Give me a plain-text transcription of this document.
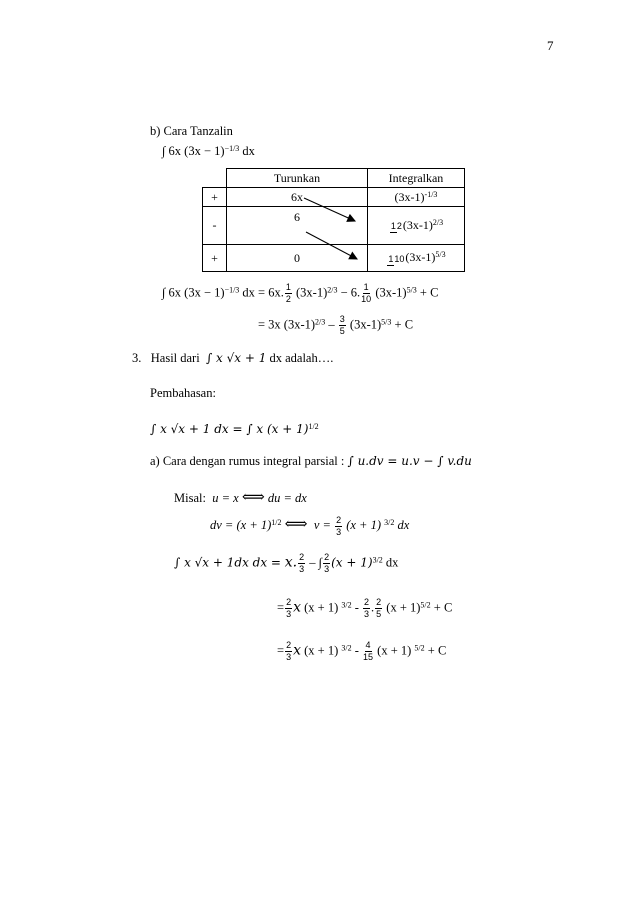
7
b) Cara Tanzalin
∫ 6x $(3x - 1)^{-1/3}$ dx
	Turunkan	Integralkan
+	6x	$(3x-1)^{-1/3}$
-	6	$12(3x-1)^{2/3}$
+	0	$110(3x-1)^{5/3}$
∫ 6x $(3x - 1)^{-1/3}$ dx = 6x. $\frac{1}{2} (3x-1)^{2/3} - 6$. $\frac{1}{10} (3x-1)^{5/3} + C$
= 3x $(3x-1)^{2/3} - \frac{3}{5} (3x-1)^{5/3} + C$
3. Hasil dari ∫ x √x + 1 dx adalah….
Pembahasan:
∫ x √x + 1 dx = ∫ x $(x + 1)^{1/2}$
a) Cara dengan rumus integral parsial : ∫ u.dv = u.v − ∫ v.du
Misal: u = x ⟺ du = dx
dv = $(x + 1)^{1/2}$ ⟺ $v = \frac{2}{3} (x + 1)$ $^{3/2}$ dx
∫ x √x + 1dx dx = x. $\frac{2}{3}$ – ∫ $\frac{2}{3} (x + 1)^{3/2}$ dx
= $\frac{2}{3}$ x (x + 1) $^{3/2} - \frac{2}{3}$ . $\frac{2}{5} (x + 1)^{5/2} + C$
= $\frac{2}{3}$ x (x + 1) $^{3/2} - \frac{4}{15} (x + 1) ^{5/2} + C$
